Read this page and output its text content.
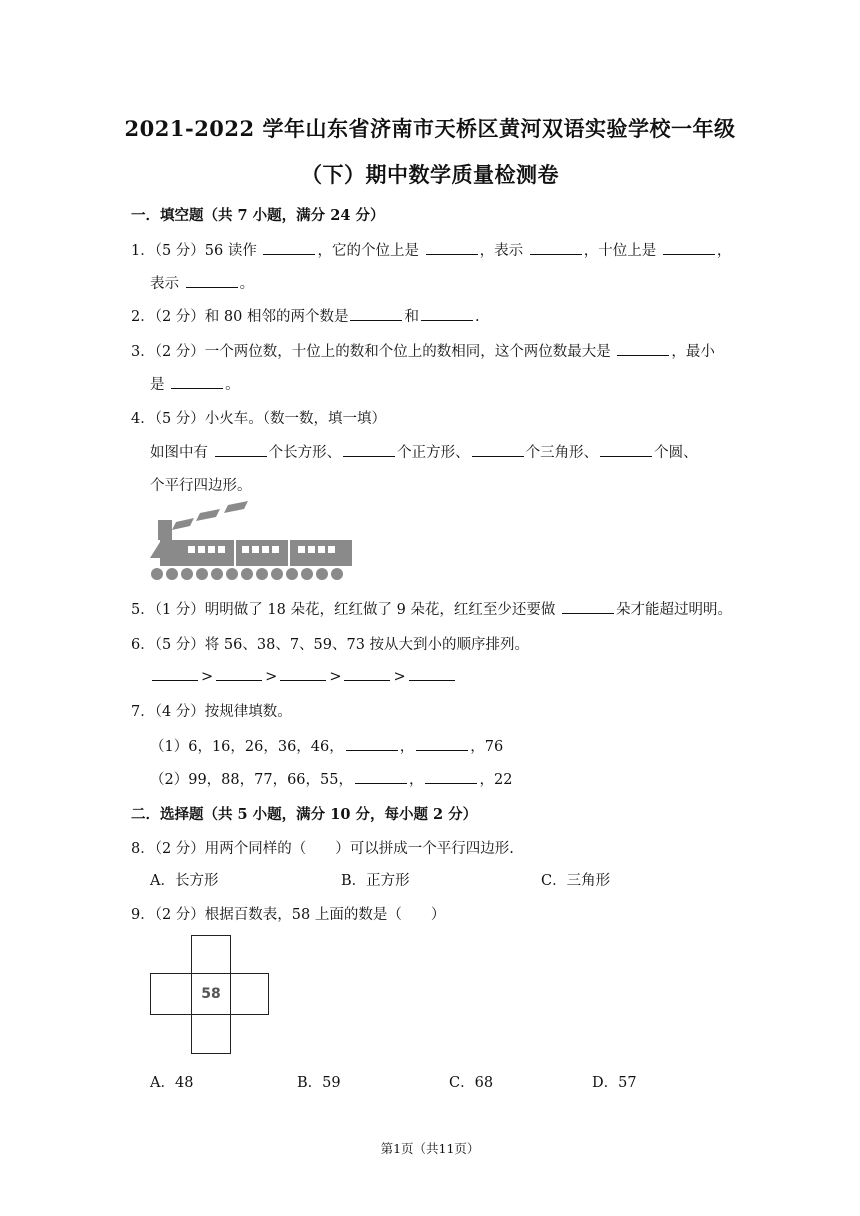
2021-2022 学年山东省济南市天桥区黄河双语实验学校一年级
（下）期中数学质量检测卷
一．填空题（共 7 小题，满分 24 分）
1．（5 分）56 读作	，它的个位上是	，表示	，十位上是	，
表示	。
2．（2 分）和 80 相邻的两个数是	和	.
3．（2 分）一个两位数，十位上的数和个位上的数相同，这个两位数最大是	，最小
是	。
4．（5 分）小火车。（数一数，填一填）
如图中有	个长方形、	个正方形、	个三角形、	个圆、
个平行四边形。
5．（1 分）明明做了 18 朵花，红红做了 9 朵花，红红至少还要做	朵才能超过明明。
6．（5 分）将 56、38、7、59、73 按从大到小的顺序排列。
>	>	>	>
7．（4 分）按规律填数。
（1）6，16，26，36，46，	，	，76
（2）99，88，77，66，55，	，	，22
二．选择题（共 5 小题，满分 10 分，每小题 2 分）
8．（2 分）用两个同样的（　　）可以拼成一个平行四边形.
A．长方形	B．正方形	C．三角形
9．（2 分）根据百数表，58 上面的数是（　　）
58
A．48	B．59	C．68	D．57
第1页（共11页）
